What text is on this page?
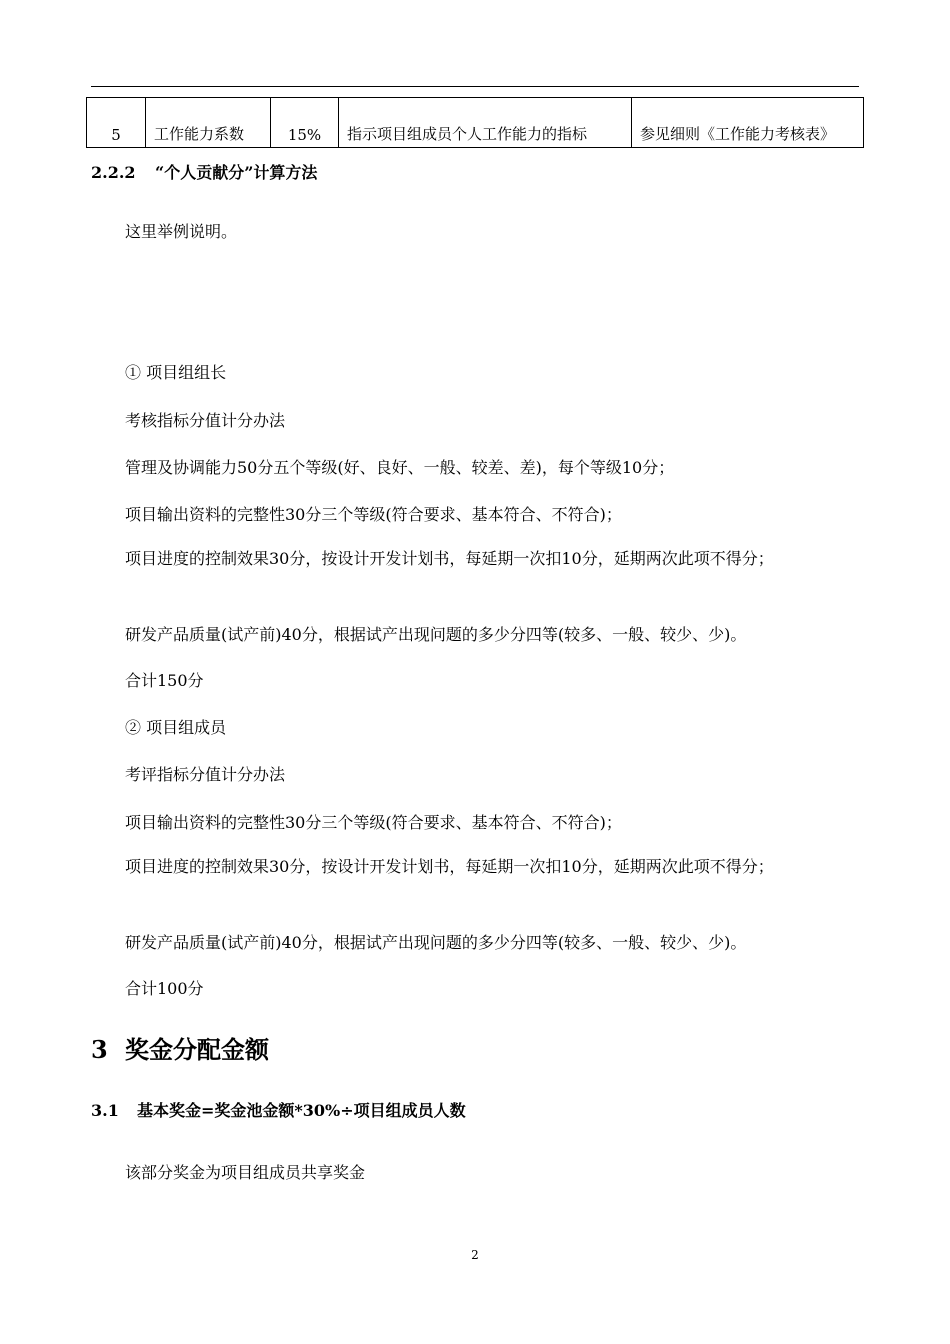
5	工作能力系数	15%	指示项目组成员个人工作能力的指标	参见细则《工作能力考核表》
2.2.2 “个人贡献分”计算方法
这里举例说明。
① 项目组组长
考核指标分值计分办法
管理及协调能力50分五个等级(好、良好、一般、较差、差)，每个等级10分；
项目输出资料的完整性30分三个等级(符合要求、基本符合、不符合)；
项目进度的控制效果30分，按设计开发计划书，每延期一次扣10分，延期两次此项不得分；
研发产品质量(试产前)40分，根据试产出现问题的多少分四等(较多、一般、较少、少)。
合计150分
② 项目组成员
考评指标分值计分办法
项目输出资料的完整性30分三个等级(符合要求、基本符合、不符合)；
项目进度的控制效果30分，按设计开发计划书，每延期一次扣10分，延期两次此项不得分；
研发产品质量(试产前)40分，根据试产出现问题的多少分四等(较多、一般、较少、少)。
合计100分
3 奖金分配金额
3.1 基本奖金=奖金池金额*30%÷项目组成员人数
该部分奖金为项目组成员共享奖金
2
